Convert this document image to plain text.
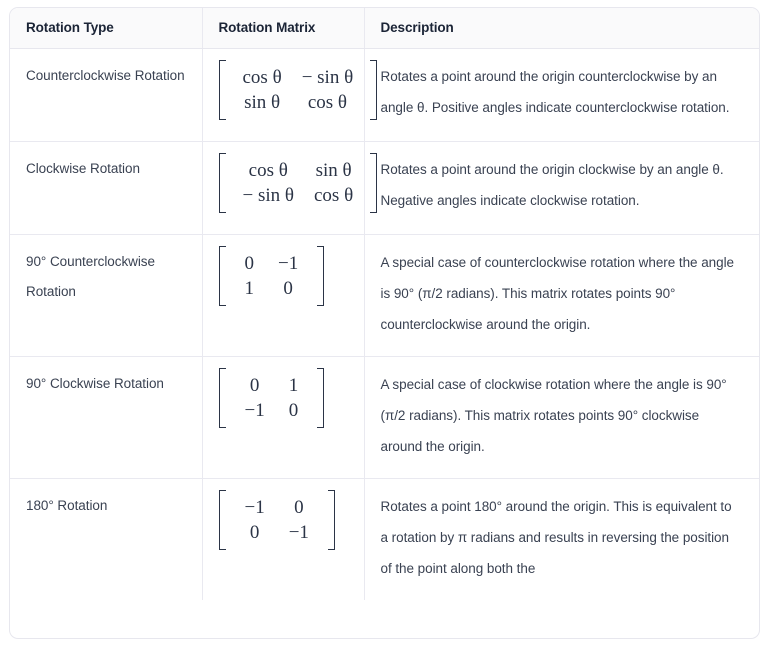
Rotation Type	Rotation Matrix	Description
Counterclockwise Rotation	cos θ − sin θ
sin θ cos θ	Rotates a point around the origin counterclockwise by an angle θ. Positive angles indicate counterclockwise rotation.
Clockwise Rotation	cos θ sin θ
− sin θ cos θ	Rotates a point around the origin clockwise by an angle θ. Negative angles indicate clockwise rotation.
90° Counterclockwise Rotation	0 −1
1 0	A special case of counterclockwise rotation where the angle is 90° (π/2 radians). This matrix rotates points 90° counterclockwise around the origin.
90° Clockwise Rotation	0 1
−1 0	A special case of clockwise rotation where the angle is 90° (π/2 radians). This matrix rotates points 90° clockwise around the origin.
180° Rotation	−1 0
0 −1	Rotates a point 180° around the origin. This is equivalent to a rotation by π radians and results in reversing the position of the point along both the
